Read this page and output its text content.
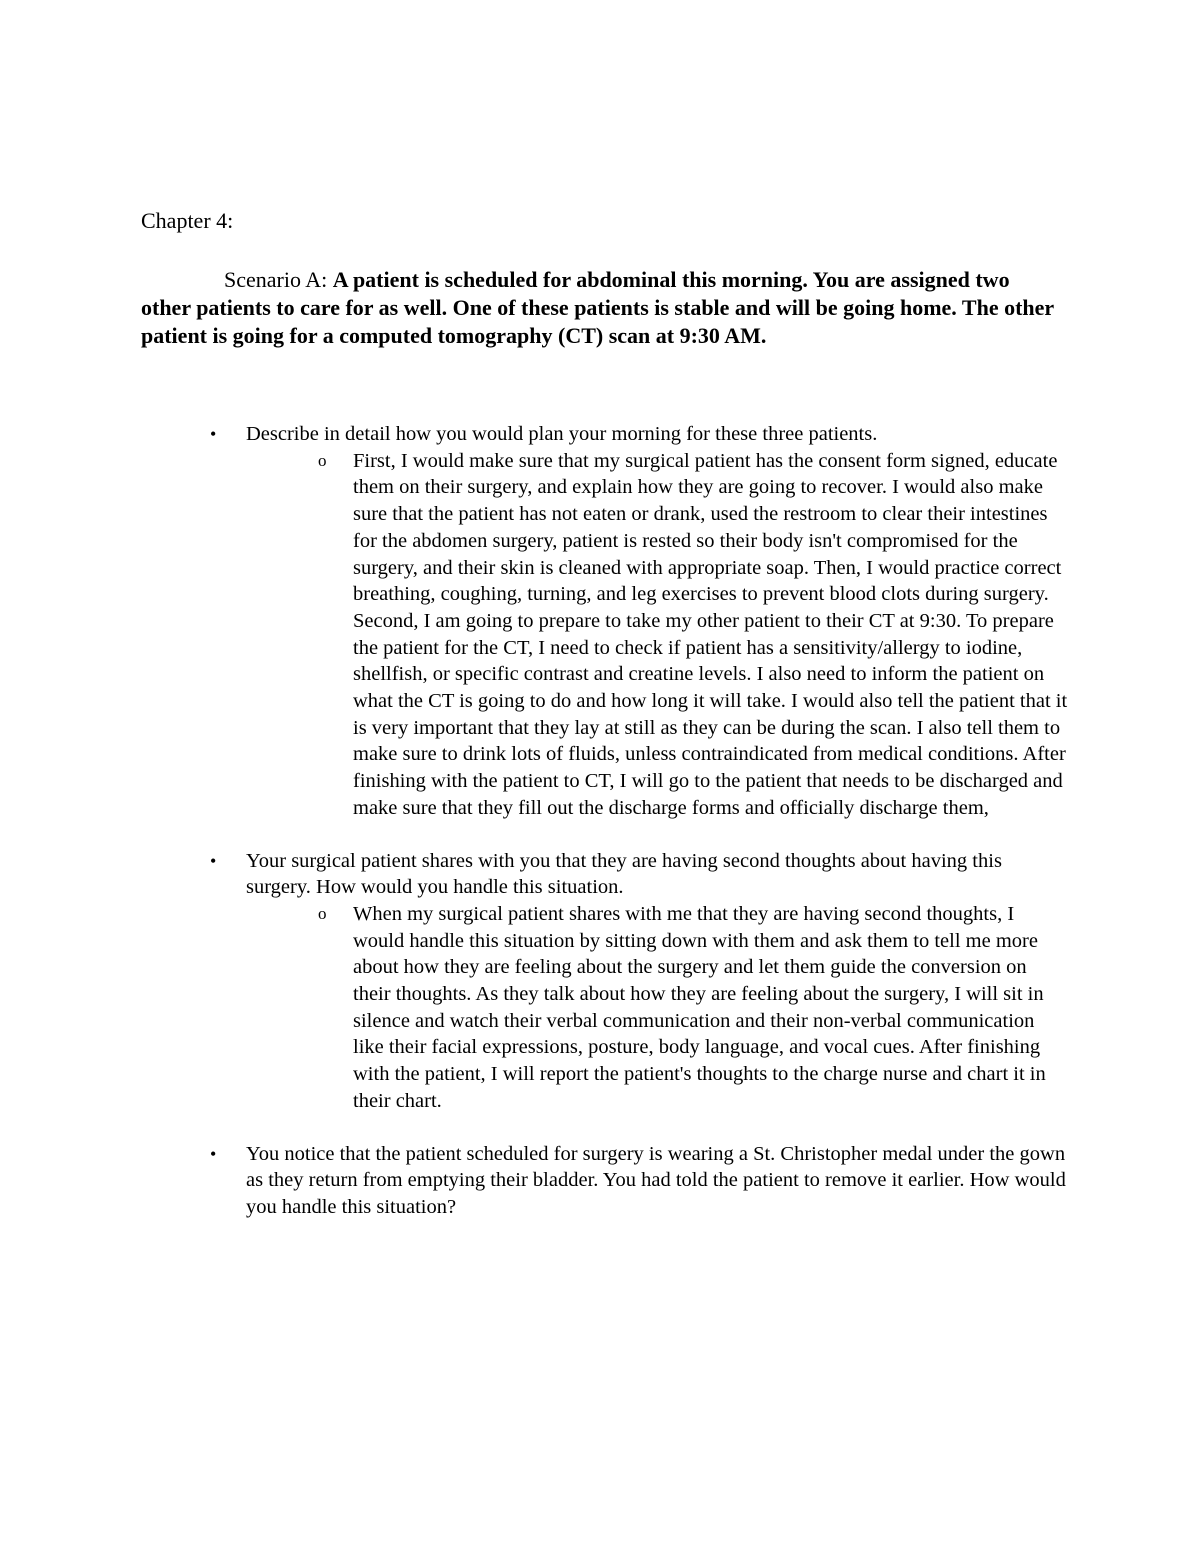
Chapter 4:

Scenario A: A patient is scheduled for abdominal this morning. You are assigned two other patients to care for as well. One of these patients is stable and will be going home. The other patient is going for a computed tomography (CT) scan at 9:30 AM.

• Describe in detail how you would plan your morning for these three patients.
o First, I would make sure that my surgical patient has the consent form signed, educate them on their surgery, and explain how they are going to recover. I would also make sure that the patient has not eaten or drank, used the restroom to clear their intestines for the abdomen surgery, patient is rested so their body isn't compromised for the surgery, and their skin is cleaned with appropriate soap. Then, I would practice correct breathing, coughing, turning, and leg exercises to prevent blood clots during surgery. Second, I am going to prepare to take my other patient to their CT at 9:30. To prepare the patient for the CT, I need to check if patient has a sensitivity/allergy to iodine, shellfish, or specific contrast and creatine levels. I also need to inform the patient on what the CT is going to do and how long it will take. I would also tell the patient that it is very important that they lay at still as they can be during the scan. I also tell them to make sure to drink lots of fluids, unless contraindicated from medical conditions. After finishing with the patient to CT, I will go to the patient that needs to be discharged and make sure that they fill out the discharge forms and officially discharge them,
• Your surgical patient shares with you that they are having second thoughts about having this surgery. How would you handle this situation.
o When my surgical patient shares with me that they are having second thoughts, I would handle this situation by sitting down with them and ask them to tell me more about how they are feeling about the surgery and let them guide the conversion on their thoughts. As they talk about how they are feeling about the surgery, I will sit in silence and watch their verbal communication and their non-verbal communication like their facial expressions, posture, body language, and vocal cues. After finishing with the patient, I will report the patient's thoughts to the charge nurse and chart it in their chart.
• You notice that the patient scheduled for surgery is wearing a St. Christopher medal under the gown as they return from emptying their bladder. You had told the patient to remove it earlier. How would you handle this situation?
